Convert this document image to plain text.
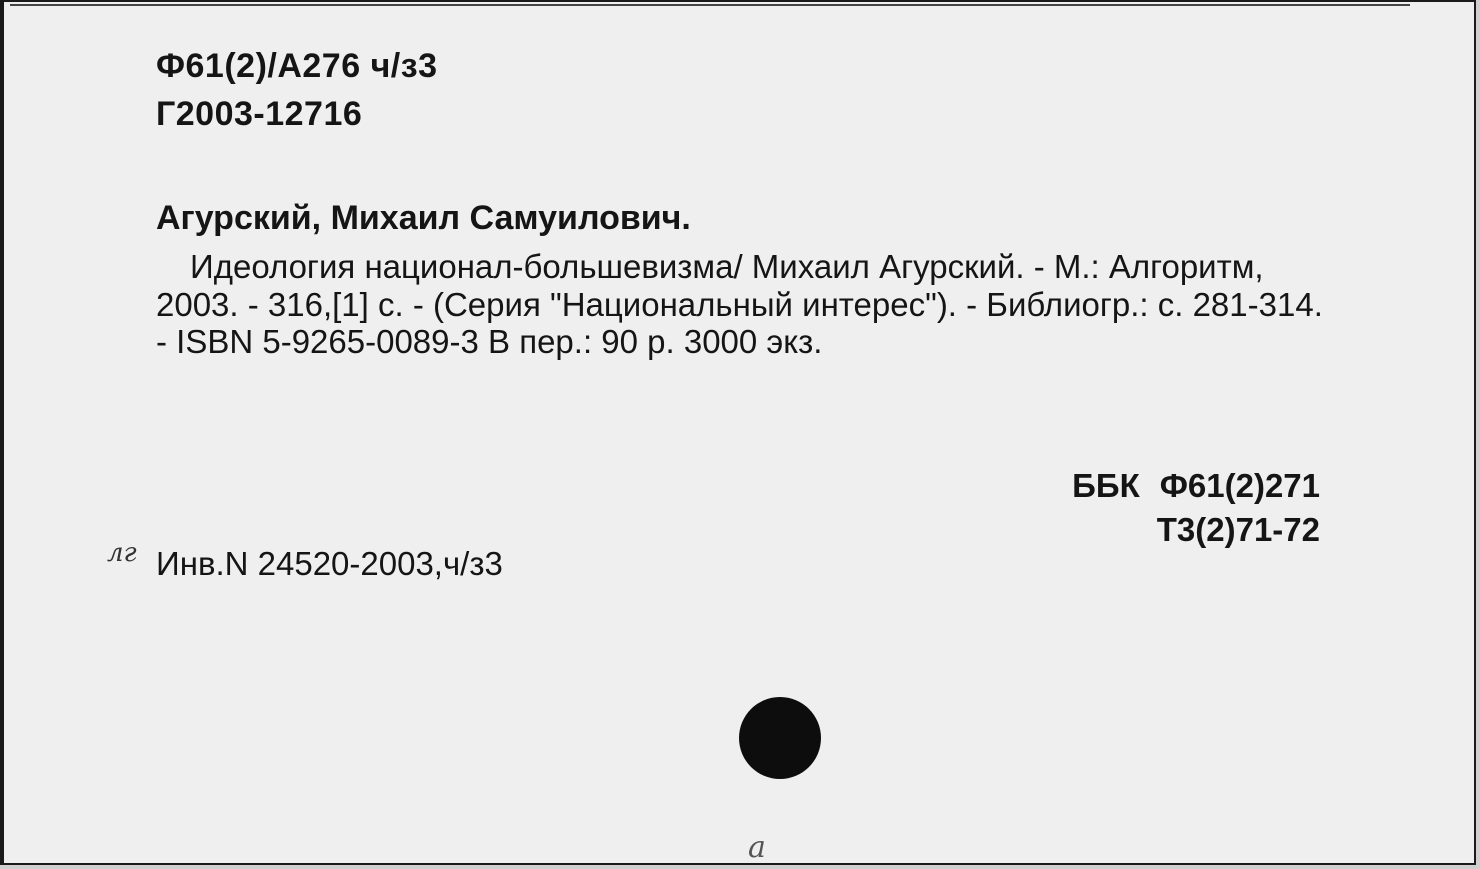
Ф61(2)/А276 ч/з3
Г2003-12716
Агурский, Михаил Самуилович.
Идеология национал-большевизма/ Михаил Агурский. - М.: Алгоритм, 2003. - 316,[1] с. - (Серия "Национальный интерес"). - Библиогр.: с. 281-314. - ISBN 5-9265-0089-3 В пер.: 90 р. 3000 экз.
ББК Ф61(2)271
Т3(2)71-72
лг Инв.N 24520-2003,ч/з3
а
